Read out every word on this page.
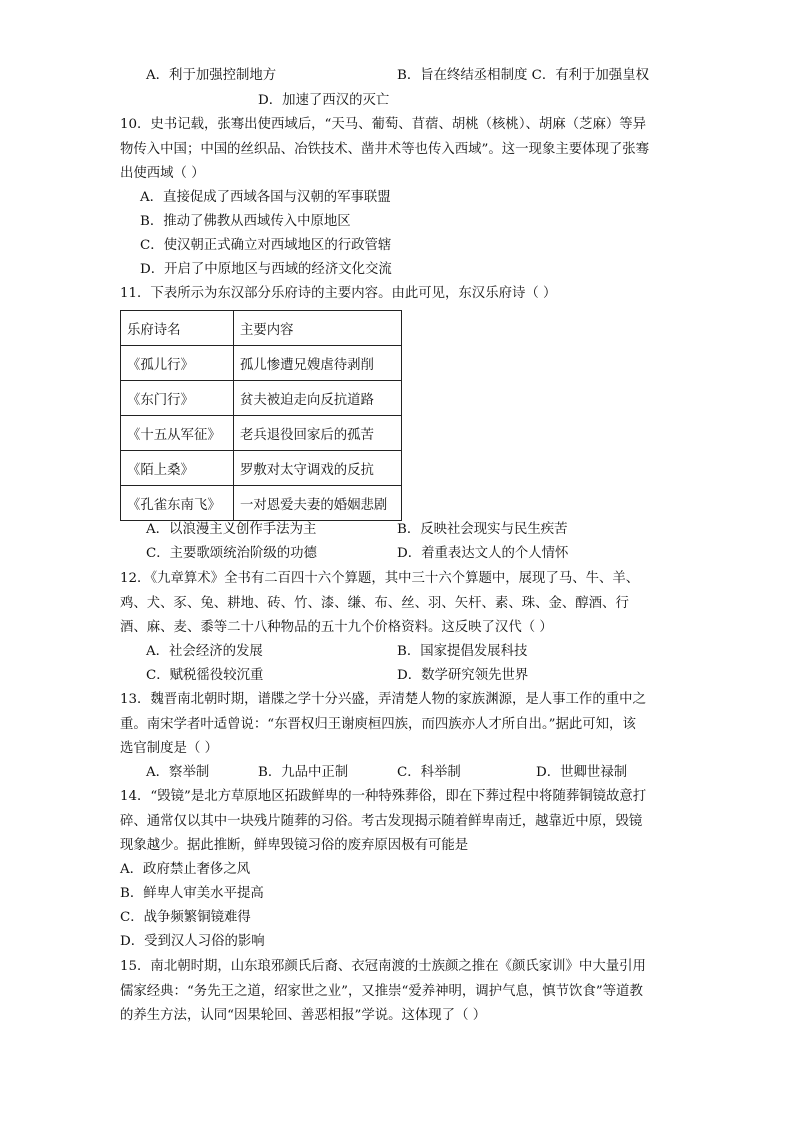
A．利于加强控制地方	B．旨在终结丞相制度 C．有利于加强皇权
D．加速了西汉的灭亡
10．史书记载，张骞出使西域后，“天马、葡萄、苜蓿、胡桃（核桃）、胡麻（芝麻）等异
物传入中国；中国的丝织品、冶铁技术、凿井术等也传入西域”。这一现象主要体现了张骞
出使西域（ ）
A．直接促成了西域各国与汉朝的军事联盟
B．推动了佛教从西域传入中原地区
C．使汉朝正式确立对西域地区的行政管辖
D．开启了中原地区与西域的经济文化交流
11．下表所示为东汉部分乐府诗的主要内容。由此可见，东汉乐府诗（ ）
乐府诗名	主要内容
《孤儿行》	孤儿惨遭兄嫂虐待剥削
《东门行》	贫夫被迫走向反抗道路
《十五从军征》	老兵退役回家后的孤苦
《陌上桑》	罗敷对太守调戏的反抗
《孔雀东南飞》	一对恩爱夫妻的婚姻悲剧
A．以浪漫主义创作手法为主	B．反映社会现实与民生疾苦
C．主要歌颂统治阶级的功德	D．着重表达文人的个人情怀
12．《九章算术》全书有二百四十六个算题，其中三十六个算题中，展现了马、牛、羊、
鸡、犬、豕、兔、耕地、砖、竹、漆、缣、布、丝、羽、矢杆、素、珠、金、醇酒、行
酒、麻、麦、黍等二十八种物品的五十九个价格资料。这反映了汉代（ ）
A．社会经济的发展	B．国家提倡发展科技
C．赋税徭役较沉重	D．数学研究领先世界
13．魏晋南北朝时期，谱牒之学十分兴盛，弄清楚人物的家族渊源，是人事工作的重中之
重。南宋学者叶适曾说：“东晋权归王谢庾桓四族，而四族亦人才所自出。”据此可知，该
选官制度是（ ）
A．察举制	B．九品中正制	C．科举制	D．世卿世禄制
14．“毁镜”是北方草原地区拓跋鲜卑的一种特殊葬俗，即在下葬过程中将随葬铜镜故意打
碎、通常仅以其中一块残片随葬的习俗。考古发现揭示随着鲜卑南迁，越靠近中原，毁镜
现象越少。据此推断，鲜卑毁镜习俗的废弃原因极有可能是
A．政府禁止奢侈之风
B．鲜卑人审美水平提高
C．战争频繁铜镜难得
D．受到汉人习俗的影响
15．南北朝时期，山东琅邪颜氏后裔、衣冠南渡的士族颜之推在《颜氏家训》中大量引用
儒家经典：“务先王之道，绍家世之业”，又推崇“爱养神明，调护气息，慎节饮食”等道教
的养生方法，认同“因果轮回、善恶相报”学说。这体现了（ ）
